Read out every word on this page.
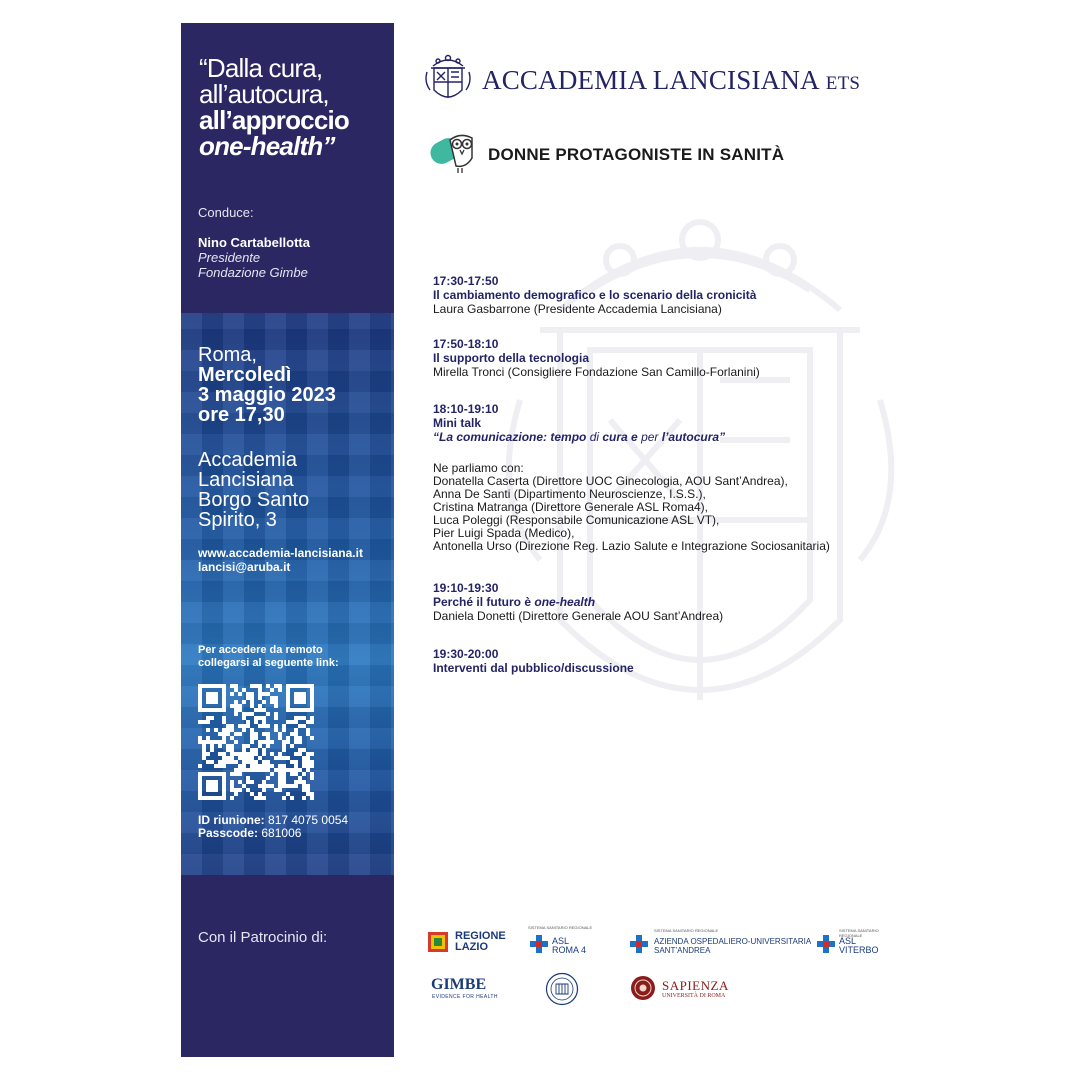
“Dalla cura,
all’autocura,
all’approccio
one-health”
Conduce:
Nino Cartabellotta
Presidente
Fondazione Gimbe
Roma,
Mercoledì
3 maggio 2023
ore 17,30
Accademia
Lancisiana
Borgo Santo
Spirito, 3
www.accademia-lancisiana.it
lancisi@aruba.it
Per accedere da remoto
collegarsi al seguente link:
ID riunione: 817 4075 0054
Passcode: 681006
Con il Patrocinio di:
ACCADEMIA LANCISIANA ETS
DONNE PROTAGONISTE IN SANITÀ
17:30-17:50
Il cambiamento demografico e lo scenario della cronicità
Laura Gasbarrone (Presidente Accademia Lancisiana)
17:50-18:10
Il supporto della tecnologia
Mirella Tronci (Consigliere Fondazione San Camillo-Forlanini)
18:10-19:10
Mini talk
“La comunicazione: tempo di cura e per l’autocura”
Ne parliamo con:
Donatella Caserta (Direttore UOC Ginecologia, AOU Sant’Andrea),
Anna De Santi (Dipartimento Neuroscienze, I.S.S.),
Cristina Matranga (Direttore Generale ASL Roma4),
Luca Poleggi (Responsabile Comunicazione ASL VT),
Pier Luigi Spada (Medico),
Antonella Urso (Direzione Reg. Lazio Salute e Integrazione Sociosanitaria)
19:10-19:30
Perché il futuro è one-health
Daniela Donetti (Direttore Generale AOU Sant’Andrea)
19:30-20:00
Interventi dal pubblico/discussione
REGIONE
LAZIO
SISTEMA SANITARIO REGIONALE
ASL
ROMA 4
SISTEMA SANITARIO REGIONALE
AZIENDA OSPEDALIERO-UNIVERSITARIA
SANT’ANDREA
SISTEMA SANITARIO REGIONALE
ASL
VITERBO
GIMBE
EVIDENCE FOR HEALTH
SAPIENZA
UNIVERSITÀ DI ROMA
